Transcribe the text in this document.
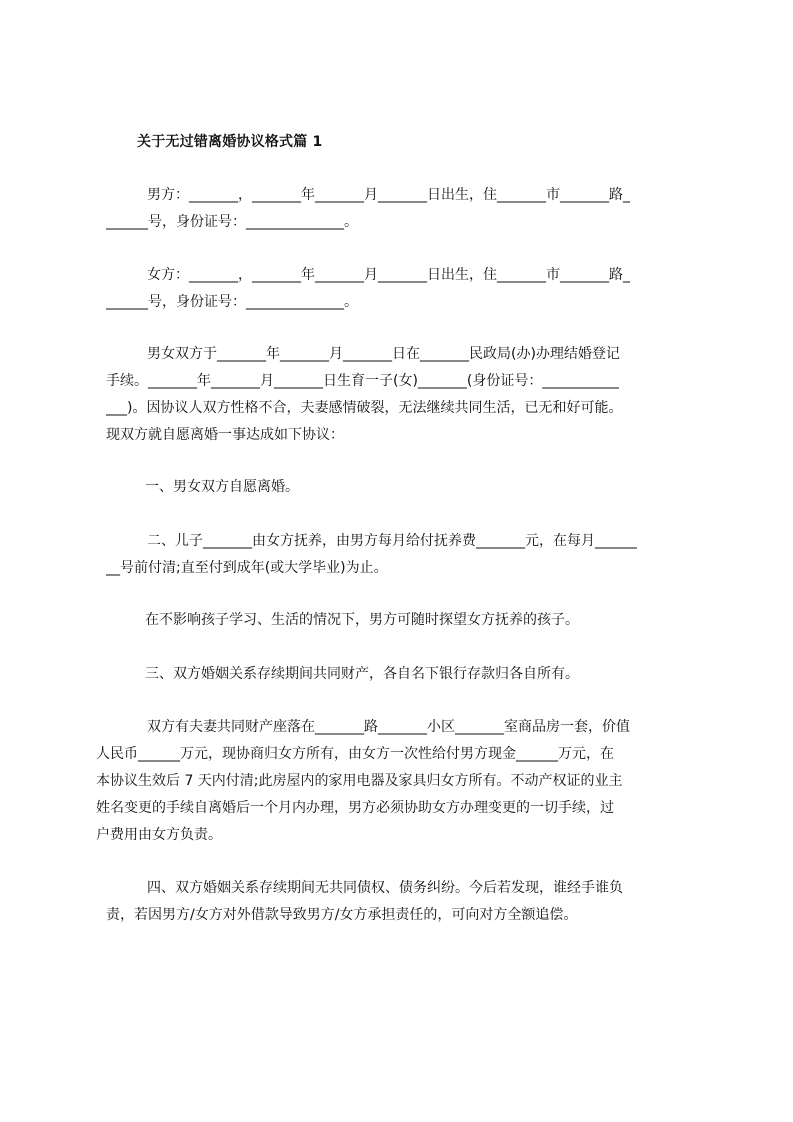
关于无过错离婚协议格式篇 1
男方：_______，_______年_______月_______日出生，住_______市_______路_
______号，身份证号：______________。
女方：_______，_______年_______月_______日出生，住_______市_______路_
______号，身份证号：______________。
男女双方于_______年_______月_______日在_______民政局(办)办理结婚登记
手续。_______年_______月_______日生育一子(女)_______(身份证号：___________
___)。因协议人双方性格不合，夫妻感情破裂，无法继续共同生活，已无和好可能。
现双方就自愿离婚一事达成如下协议：
一、男女双方自愿离婚。
二、儿子_______由女方抚养，由男方每月给付抚养费_______元，在每月______
__号前付清;直至付到成年(或大学毕业)为止。
在不影响孩子学习、生活的情况下，男方可随时探望女方抚养的孩子。
三、双方婚姻关系存续期间共同财产，各自名下银行存款归各自所有。
双方有夫妻共同财产座落在_______路_______小区_______室商品房一套，价值
人民币______万元，现协商归女方所有，由女方一次性给付男方现金______万元，在
本协议生效后 7 天内付清;此房屋内的家用电器及家具归女方所有。不动产权证的业主
姓名变更的手续自离婚后一个月内办理，男方必须协助女方办理变更的一切手续，过
户费用由女方负责。
四、双方婚姻关系存续期间无共同债权、债务纠纷。今后若发现，谁经手谁负
责，若因男方/女方对外借款导致男方/女方承担责任的，可向对方全额追偿。
